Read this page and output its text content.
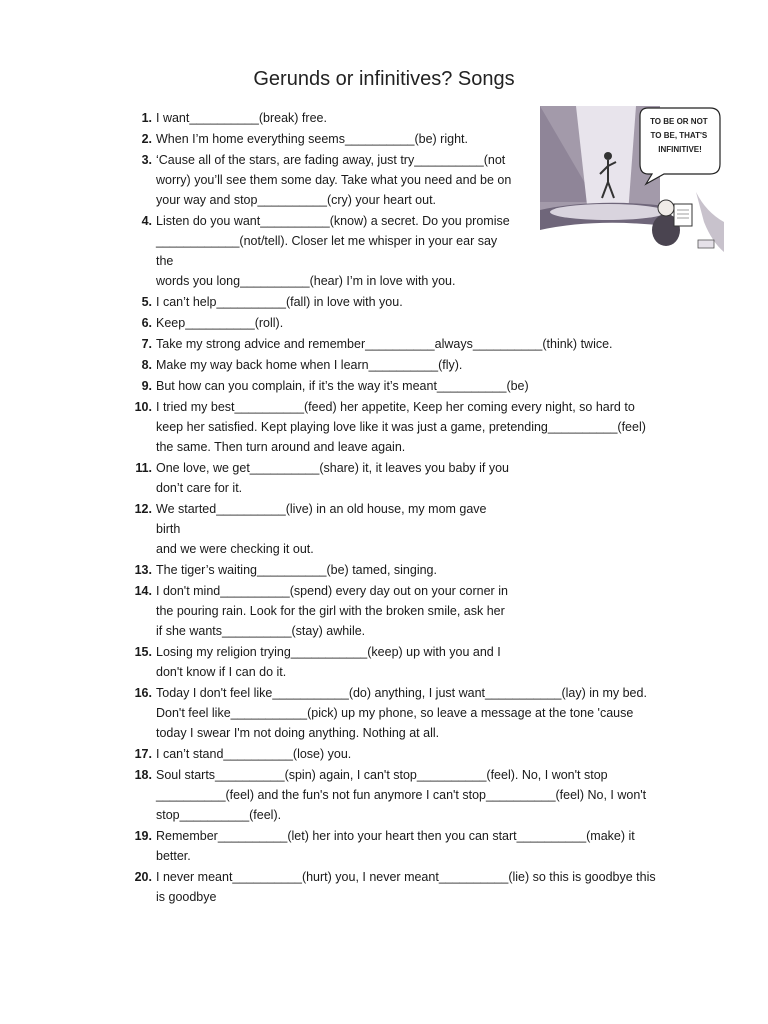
Gerunds or infinitives? Songs
TO BE OR NOT TO BE, THAT'S INFINITIVE!
1. I want__________(break) free.
2. When I’m home everything seems__________(be) right.
3. ‘Cause all of the stars, are fading away, just try__________(not
worry) you’ll see them some day. Take what you need and be on
your way and stop__________(cry) your heart out.
4. Listen do you want__________(know) a secret. Do you promise
____________(not/tell). Closer let me whisper in your ear say the
words you long__________(hear) I’m in love with you.
5. I can’t help__________(fall) in love with you.
6. Keep__________(roll).
7. Take my strong advice and remember__________always__________(think) twice.
8. Make my way back home when I learn__________(fly).
9. But how can you complain, if it’s the way it’s meant__________(be)
10. I tried my best__________(feed) her appetite, Keep her coming every night, so hard to
keep her satisfied. Kept playing love like it was just a game, pretending__________(feel)
the same. Then turn around and leave again.
11. One love, we get__________(share) it, it leaves you baby if you
don’t care for it.
12. We started__________(live) in an old house, my mom gave birth
and we were checking it out.
13. The tiger’s waiting__________(be) tamed, singing.
14. I don't mind__________(spend) every day out on your corner in
the pouring rain. Look for the girl with the broken smile, ask her
if she wants__________(stay) awhile.
15. Losing my religion trying___________(keep) up with you and I
don't know if I can do it.
16. Today I don't feel like___________(do) anything, I just want___________(lay) in my bed.
Don't feel like___________(pick) up my phone, so leave a message at the tone 'cause
today I swear I'm not doing anything. Nothing at all.
17. I can’t stand__________(lose) you.
18. Soul starts__________(spin) again, I can't stop__________(feel). No, I won't stop
__________(feel) and the fun's not fun anymore I can't stop__________(feel) No, I won't
stop__________(feel).
19. Remember__________(let) her into your heart then you can start__________(make) it
better.
20. I never meant__________(hurt) you, I never meant__________(lie) so this is goodbye this
is goodbye
